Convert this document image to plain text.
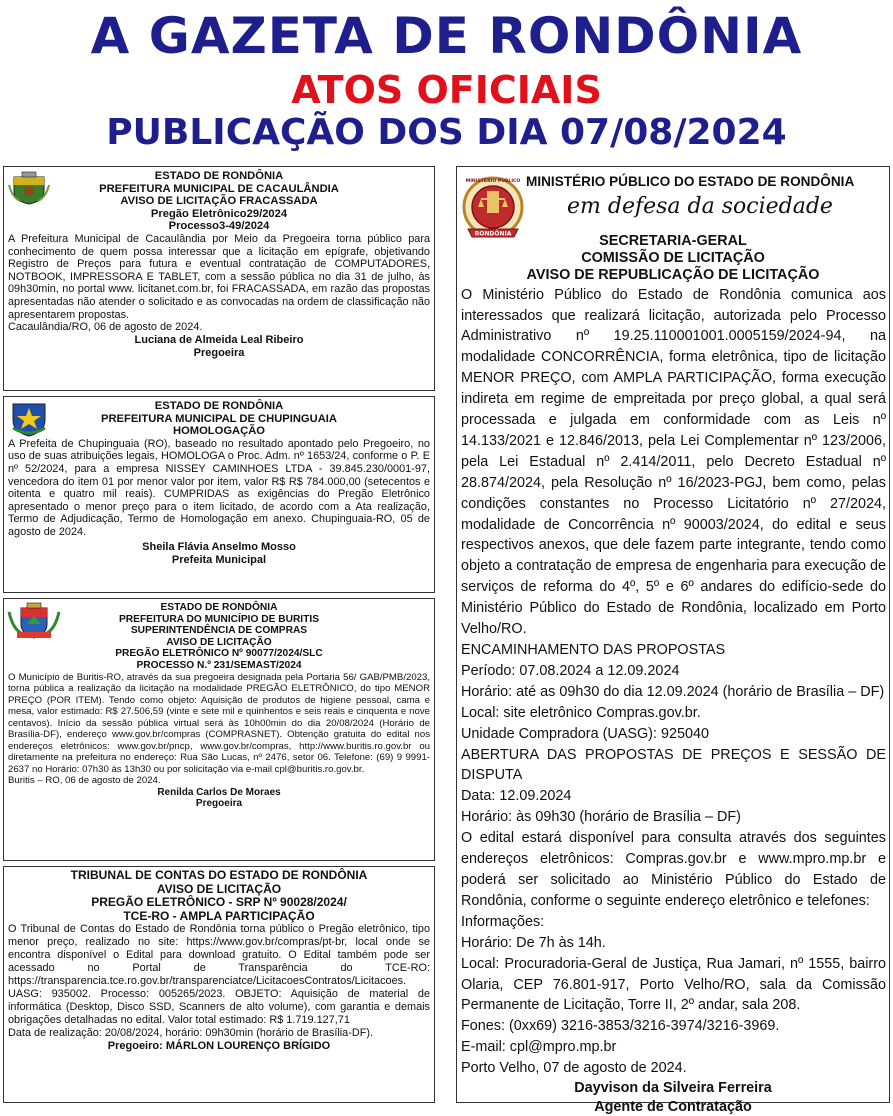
A GAZETA DE RONDÔNIA
ATOS OFICIAIS
PUBLICAÇÃO DOS DIA 07/08/2024
ESTADO DE RONDÔNIA
PREFEITURA MUNICIPAL DE CACAULÂNDIA
AVISO DE LICITAÇÃO FRACASSADA
Pregão Eletrônico29/2024
Processo3-49/2024
A Prefeitura Municipal de Cacaulândia por Meio da Pregoeira torna público para conhecimento de quem possa interessar que a licitação em epígrafe, objetivando Registro de Preços para futura e eventual contratação de COMPUTADORES, NOTBOOK, IMPRESSORA E TABLET, com a sessão pública no dia 31 de julho, às 09h30min, no portal www. licitanet.com.br, foi FRACASSADA, em razão das propostas apresentadas não atender o solicitado e as convocadas na ordem de classificação não apresentarem propostas.
Cacaulândia/RO, 06 de agosto de 2024.
Luciana de Almeida Leal Ribeiro
Pregoeira
ESTADO DE RONDÔNIA
PREFEITURA MUNICIPAL DE CHUPINGUAIA
HOMOLOGAÇÃO
A Prefeita de Chupinguaia (RO), baseado no resultado apontado pelo Pregoeiro, no uso de suas atribuições legais, HOMOLOGA o Proc. Adm. nº 1653/24, conforme o P. E nº 52/2024, para a empresa NISSEY CAMINHOES LTDA - 39.845.230/0001-97, vencedora do item 01 por menor valor por item, valor R$ R$ 784.000,00 (setecentos e oitenta e quatro mil reais). CUMPRIDAS as exigências do Pregão Eletrônico apresentado o menor preço para o item licitado, de acordo com a Ata realização, Termo de Adjudicação, Termo de Homologação em anexo. Chupinguaia-RO, 05 de agosto de 2024.
Sheila Flávia Anselmo Mosso
Prefeita Municipal
ESTADO DE RONDÔNIA
PREFEITURA DO MUNICÍPIO DE BURITIS
SUPERINTENDÊNCIA DE COMPRAS
AVISO DE LICITAÇÃO
PREGÃO ELETRÔNICO Nº 90077/2024/SLC
PROCESSO N.º 231/SEMAST/2024
O Município de Buritis-RO, através da sua pregoeira designada pela Portaria 56/ GAB/PMB/2023, torna pública a realização da licitação na modalidade PREGÃO ELETRÔNICO, do tipo MENOR PREÇO (POR ITEM). Tendo como objeto: Aquisição de produtos de higiene pessoal, cama e mesa, valor estimado: R$ 27.506,59 (vinte e sete mil e quinhentos e seis reais e cinquenta e nove centavos). Início da sessão pública virtual será às 10h00min do dia 20/08/2024 (Horário de Brasília-DF), endereço www.gov.br/compras (COMPRASNET). Obtenção gratuita do edital nos endereços eletrônicos: www.gov.br/pncp, www.gov.br/compras, http://www.buritis.ro.gov.br ou diretamente na prefeitura no endereço: Rua São Lucas, nº 2476, setor 06. Telefone: (69) 9 9991-2637 no Horário: 07h30 às 13h30 ou por solicitação via e-mail cpl@buritis.ro.gov.br.
Buritis – RO, 06 de agosto de 2024.
Renilda Carlos De Moraes
Pregoeira
TRIBUNAL DE CONTAS DO ESTADO DE RONDÔNIA
AVISO DE LICITAÇÃO
PREGÃO ELETRÔNICO - SRP Nº 90028/2024/
TCE-RO - AMPLA PARTICIPAÇÃO
O Tribunal de Contas do Estado de Rondônia torna público o Pregão eletrônico, tipo menor preço, realizado no site: https://www.gov.br/compras/pt-br, local onde se encontra disponível o Edital para download gratuito. O Edital também pode ser acessado no Portal de Transparência do TCE-RO: https://transparencia.tce.ro.gov.br/transparenciatce/LicitacoesContratos/Licitacoes.
UASG: 935002. Processo: 005265/2023. OBJETO: Aquisição de material de informática (Desktop, Disco SSD, Scanners de alto volume), com garantia e demais obrigações detalhadas no edital. Valor total estimado: R$ 1.719.127,71
Data de realização: 20/08/2024, horário: 09h30min (horário de Brasília-DF).
Pregoeiro: MÁRLON LOURENÇO BRÍGIDO
RONDÔNIA
MINISTÉRIO PÚBLICO MINISTÉRIO PÚBLICO DO ESTADO DE RONDÔNIA
em defesa da sociedade
SECRETARIA-GERAL
COMISSÃO DE LICITAÇÃO
AVISO DE REPUBLICAÇÃO DE LICITAÇÃO
O Ministério Público do Estado de Rondônia comunica aos interessados que realizará licitação, autorizada pelo Processo Administrativo nº 19.25.110001001.0005159/2024-94, na modalidade CONCORRÊNCIA, forma eletrônica, tipo de licitação MENOR PREÇO, com AMPLA PARTICIPAÇÃO, forma execução indireta em regime de empreitada por preço global, a qual será processada e julgada em conformidade com as Leis nº 14.133/2021 e 12.846/2013, pela Lei Complementar nº 123/2006, pela Lei Estadual nº 2.414/2011, pelo Decreto Estadual nº 28.874/2024, pela Resolução nº 16/2023-PGJ, bem como, pelas condições constantes no Processo Licitatório nº 27/2024, modalidade de Concorrência nº 90003/2024, do edital e seus respectivos anexos, que dele fazem parte integrante, tendo como objeto a contratação de empresa de engenharia para execução de serviços de reforma do 4º, 5º e 6º andares do edifício-sede do Ministério Público do Estado de Rondônia, localizado em Porto Velho/RO.
ENCAMINHAMENTO DAS PROPOSTAS
Período: 07.08.2024 a 12.09.2024
Horário: até as 09h30 do dia 12.09.2024 (horário de Brasília – DF)
Local: site eletrônico Compras.gov.br.
Unidade Compradora (UASG): 925040
ABERTURA DAS PROPOSTAS DE PREÇOS E SESSÃO DE DISPUTA
Data: 12.09.2024
Horário: às 09h30 (horário de Brasília – DF)
O edital estará disponível para consulta através dos seguintes endereços eletrônicos: Compras.gov.br e www.mpro.mp.br e poderá ser solicitado ao Ministério Público do Estado de Rondônia, conforme o seguinte endereço eletrônico e telefones:
Informações:
Horário: De 7h às 14h.
Local: Procuradoria-Geral de Justiça, Rua Jamari, nº 1555, bairro Olaria, CEP 76.801-917, Porto Velho/RO, sala da Comissão Permanente de Licitação, Torre II, 2º andar, sala 208.
Fones: (0xx69) 3216-3853/3216-3974/3216-3969.
E-mail: cpl@mpro.mp.br
Porto Velho, 07 de agosto de 2024.
Dayvison da Silveira Ferreira
Agente de Contratação
